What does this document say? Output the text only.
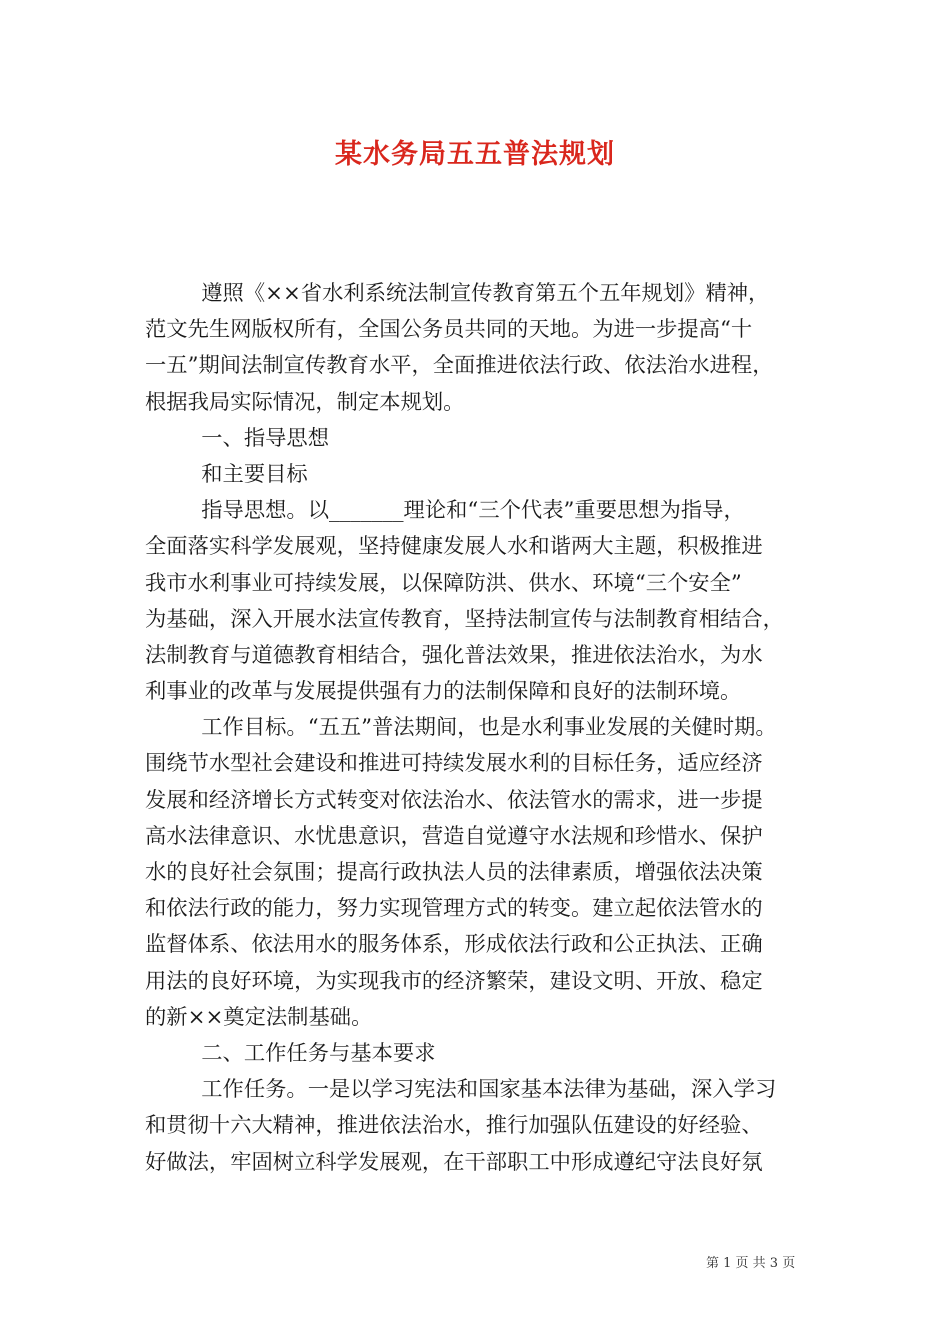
某水务局五五普法规划
遵照《××省水利系统法制宣传教育第五个五年规划》精神，
范文先生网版权所有，全国公务员共同的天地。为进一步提高“十
一五”期间法制宣传教育水平，全面推进依法行政、依法治水进程，
根据我局实际情况，制定本规划。
一、指导思想
和主要目标
指导思想。以_______理论和“三个代表”重要思想为指导，
全面落实科学发展观，坚持健康发展人水和谐两大主题，积极推进
我市水利事业可持续发展，以保障防洪、供水、环境“三个安全”
为基础，深入开展水法宣传教育，坚持法制宣传与法制教育相结合，
法制教育与道德教育相结合，强化普法效果，推进依法治水，为水
利事业的改革与发展提供强有力的法制保障和良好的法制环境。
工作目标。“五五”普法期间，也是水利事业发展的关健时期。
围绕节水型社会建设和推进可持续发展水利的目标任务，适应经济
发展和经济增长方式转变对依法治水、依法管水的需求，进一步提
高水法律意识、水忧患意识，营造自觉遵守水法规和珍惜水、保护
水的良好社会氛围；提高行政执法人员的法律素质，增强依法决策
和依法行政的能力，努力实现管理方式的转变。建立起依法管水的
监督体系、依法用水的服务体系，形成依法行政和公正执法、正确
用法的良好环境，为实现我市的经济繁荣，建设文明、开放、稳定
的新××奠定法制基础。
二、工作任务与基本要求
工作任务。一是以学习宪法和国家基本法律为基础，深入学习
和贯彻十六大精神，推进依法治水，推行加强队伍建设的好经验、
好做法，牢固树立科学发展观，在干部职工中形成遵纪守法良好氛
第 1 页 共 3 页
